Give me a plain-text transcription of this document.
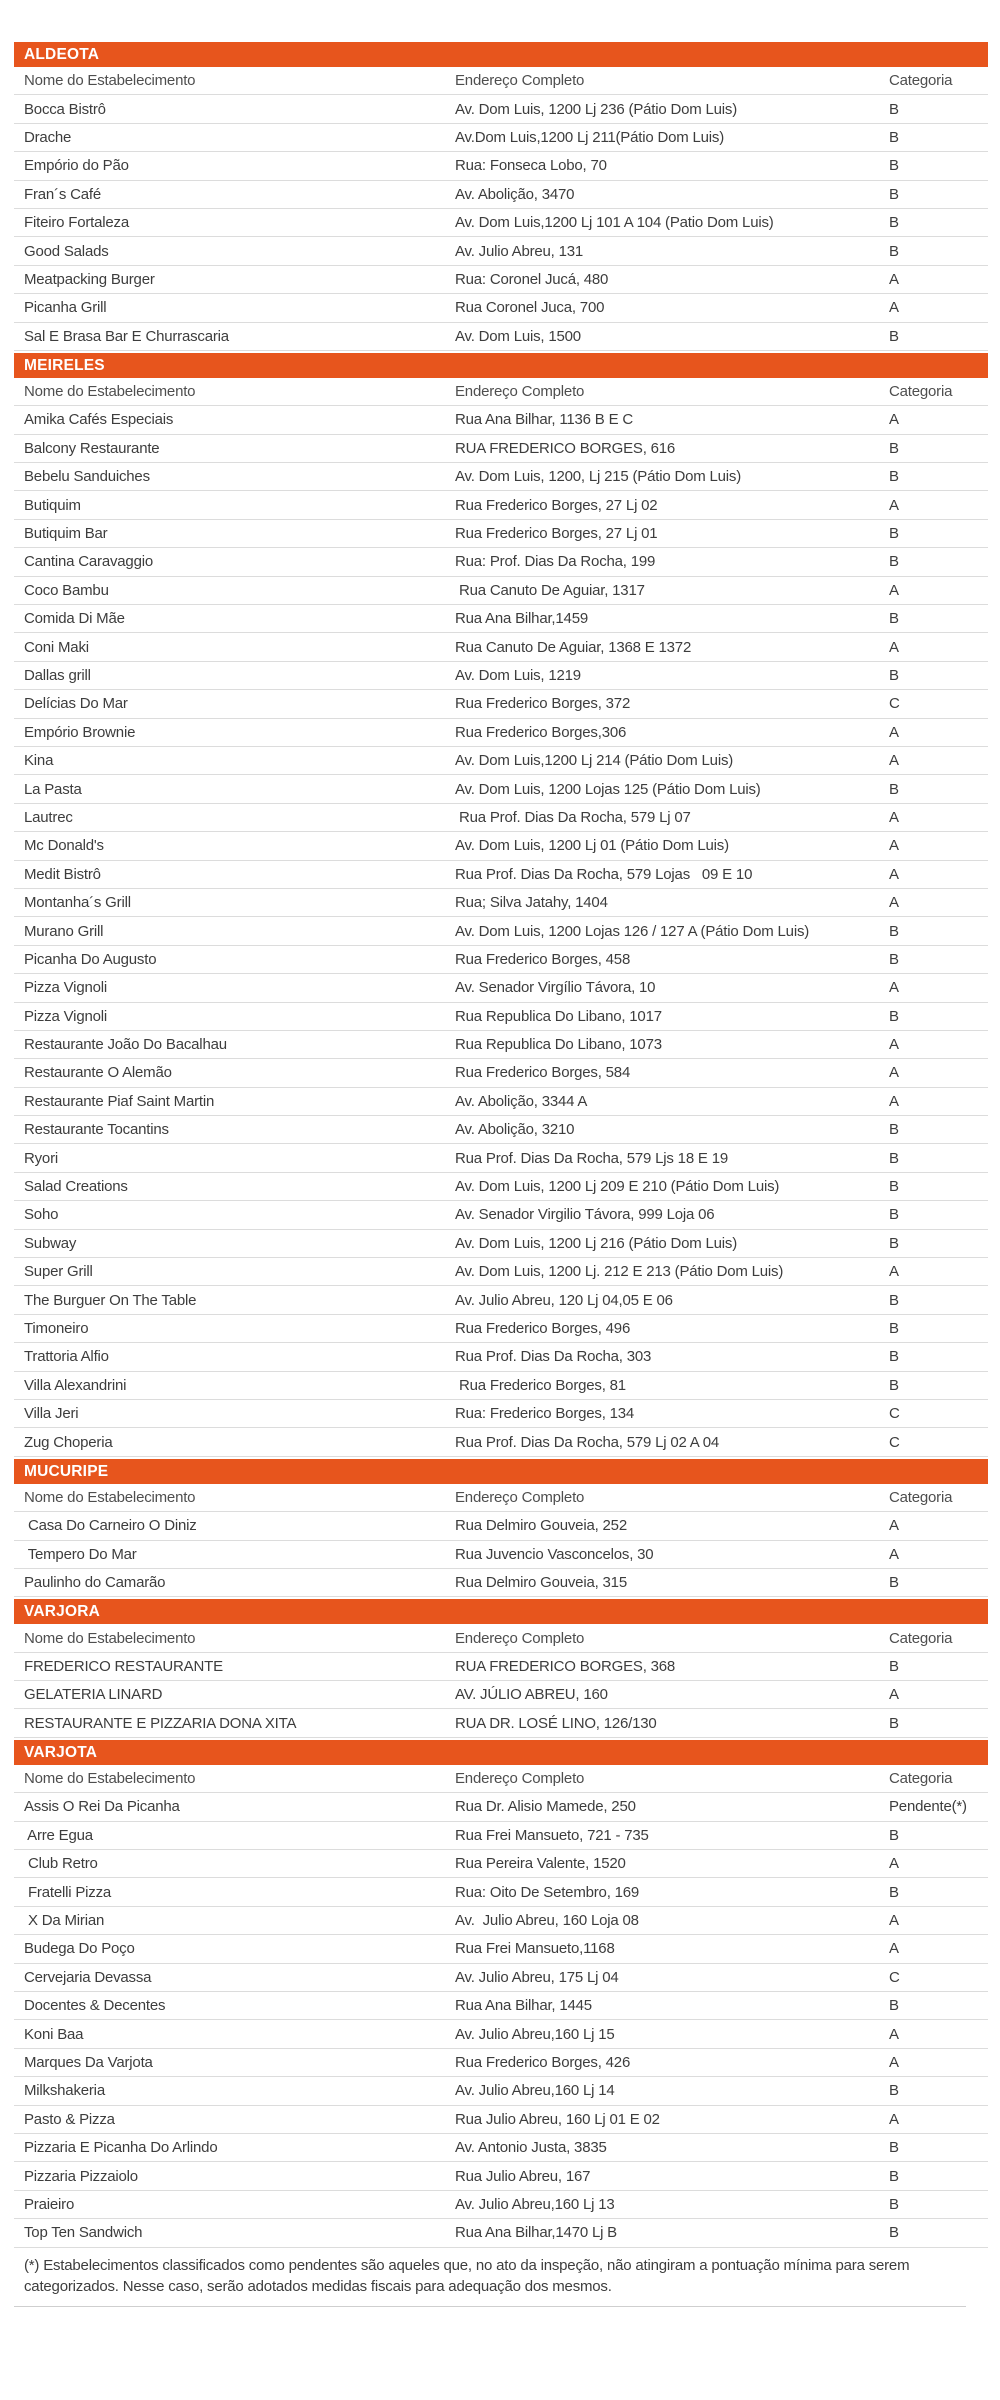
ALDEOTA
Nome do Estabelecimento	Endereço Completo	Categoria
Bocca Bistrô	Av. Dom Luis, 1200 Lj 236 (Pátio Dom Luis)	B
Drache	Av.Dom Luis,1200 Lj 211(Pátio Dom Luis)	B
Empório do Pão	Rua: Fonseca Lobo, 70	B
Fran´s Café	Av. Abolição, 3470	B
Fiteiro Fortaleza	Av. Dom Luis,1200 Lj 101 A 104 (Patio Dom Luis)	B
Good Salads	Av. Julio Abreu, 131	B
Meatpacking Burger	Rua: Coronel Jucá, 480	A
Picanha Grill	Rua Coronel Juca, 700	A
Sal E Brasa Bar E Churrascaria	Av. Dom Luis, 1500	B
MEIRELES
Nome do Estabelecimento	Endereço Completo	Categoria
Amika Cafés Especiais	Rua Ana Bilhar, 1136 B E C	A
Balcony Restaurante	RUA FREDERICO BORGES, 616	B
Bebelu Sanduiches	Av. Dom Luis, 1200, Lj 215 (Pátio Dom Luis)	B
Butiquim	Rua Frederico Borges, 27 Lj 02	A
Butiquim Bar	Rua Frederico Borges, 27 Lj 01	B
Cantina Caravaggio	Rua: Prof. Dias Da Rocha, 199	B
Coco Bambu	Rua Canuto De Aguiar, 1317	A
Comida Di Mãe	Rua Ana Bilhar,1459	B
Coni Maki	Rua Canuto De Aguiar, 1368 E 1372	A
Dallas grill	Av. Dom Luis, 1219	B
Delícias Do Mar	Rua Frederico Borges, 372	C
Empório Brownie	Rua Frederico Borges,306	A
Kina	Av. Dom Luis,1200 Lj 214 (Pátio Dom Luis)	A
La Pasta	Av. Dom Luis, 1200 Lojas 125 (Pátio Dom Luis)	B
Lautrec	Rua Prof. Dias Da Rocha, 579 Lj 07	A
Mc Donald's	Av. Dom Luis, 1200 Lj 01 (Pátio Dom Luis)	A
Medit Bistrô	Rua Prof. Dias Da Rocha, 579 Lojas   09 E 10	A
Montanha´s Grill	Rua; Silva Jatahy, 1404	A
Murano Grill	Av. Dom Luis, 1200 Lojas 126 / 127 A (Pátio Dom Luis)	B
Picanha Do Augusto	Rua Frederico Borges, 458	B
Pizza Vignoli	Av. Senador Virgílio Távora, 10	A
Pizza Vignoli	Rua Republica Do Libano, 1017	B
Restaurante João Do Bacalhau	Rua Republica Do Libano, 1073	A
Restaurante O Alemão	Rua Frederico Borges, 584	A
Restaurante Piaf Saint Martin	Av. Abolição, 3344 A	A
Restaurante Tocantins	Av. Abolição, 3210	B
Ryori	Rua Prof. Dias Da Rocha, 579 Ljs 18 E 19	B
Salad Creations	Av. Dom Luis, 1200 Lj 209 E 210 (Pátio Dom Luis)	B
Soho	Av. Senador Virgilio Távora, 999 Loja 06	B
Subway	Av. Dom Luis, 1200 Lj 216 (Pátio Dom Luis)	B
Super Grill	Av. Dom Luis, 1200 Lj. 212 E 213 (Pátio Dom Luis)	A
The Burguer On The Table	Av. Julio Abreu, 120 Lj 04,05 E 06	B
Timoneiro	Rua Frederico Borges, 496	B
Trattoria Alfio	Rua Prof. Dias Da Rocha, 303	B
Villa Alexandrini	Rua Frederico Borges, 81	B
Villa Jeri	Rua: Frederico Borges, 134	C
Zug Choperia	Rua Prof. Dias Da Rocha, 579 Lj 02 A 04	C
MUCURIPE
Nome do Estabelecimento	Endereço Completo	Categoria
Casa Do Carneiro O Diniz	Rua Delmiro Gouveia, 252	A
Tempero Do Mar	Rua Juvencio Vasconcelos, 30	A
Paulinho do Camarão	Rua Delmiro Gouveia, 315	B
VARJORA
Nome do Estabelecimento	Endereço Completo	Categoria
FREDERICO RESTAURANTE	RUA FREDERICO BORGES, 368	B
GELATERIA LINARD	AV. JÚLIO ABREU, 160	A
RESTAURANTE E PIZZARIA DONA XITA	RUA DR. LOSÉ LINO, 126/130	B
VARJOTA
Nome do Estabelecimento	Endereço Completo	Categoria
Assis O Rei Da Picanha	Rua Dr. Alisio Mamede, 250	Pendente(*)
Arre Egua	Rua Frei Mansueto, 721 - 735	B
Club Retro	Rua Pereira Valente, 1520	A
Fratelli Pizza	Rua: Oito De Setembro, 169	B
X Da Mirian	Av.  Julio Abreu, 160 Loja 08	A
Budega Do Poço	Rua Frei Mansueto,1168	A
Cervejaria Devassa	Av. Julio Abreu, 175 Lj 04	C
Docentes & Decentes	Rua Ana Bilhar, 1445	B
Koni Baa	Av. Julio Abreu,160 Lj 15	A
Marques Da Varjota	Rua Frederico Borges, 426	A
Milkshakeria	Av. Julio Abreu,160 Lj 14	B
Pasto & Pizza	Rua Julio Abreu, 160 Lj 01 E 02	A
Pizzaria E Picanha Do Arlindo	Av. Antonio Justa, 3835	B
Pizzaria Pizzaiolo	Rua Julio Abreu, 167	B
Praieiro	Av. Julio Abreu,160 Lj 13	B
Top Ten Sandwich	Rua Ana Bilhar,1470 Lj B	B
(*) Estabelecimentos classificados como pendentes são aqueles que, no ato da inspeção, não atingiram a pontuação mínima para serem categorizados. Nesse caso, serão adotados medidas fiscais para adequação dos mesmos.
